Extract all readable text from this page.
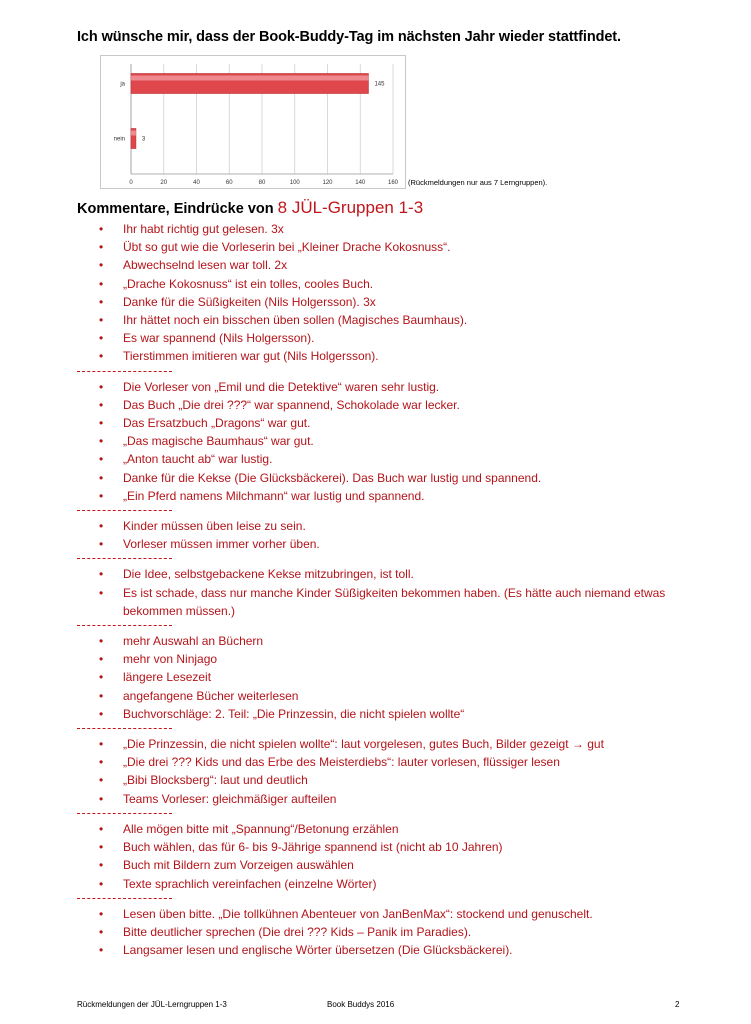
Ich wünsche mir, dass der Book-Buddy-Tag im nächsten Jahr wieder stattfindet.
0	20	40	60	80	100	120	140	160
ja	145
nein	3
(Rückmeldungen nur aus 7 Lerngruppen).
Kommentare, Eindrücke von 8 JÜL-Gruppen 1-3
• Ihr habt richtig gut gelesen. 3x
• Übt so gut wie die Vorleserin bei „Kleiner Drache Kokosnuss“.
• Abwechselnd lesen war toll. 2x
• „Drache Kokosnuss“ ist ein tolles, cooles Buch.
• Danke für die Süßigkeiten (Nils Holgersson). 3x
• Ihr hättet noch ein bisschen üben sollen (Magisches Baumhaus).
• Es war spannend (Nils Holgersson).
• Tierstimmen imitieren war gut (Nils Holgersson).
• Die Vorleser von „Emil und die Detektive“ waren sehr lustig.
• Das Buch „Die drei ???“ war spannend, Schokolade war lecker.
• Das Ersatzbuch „Dragons“ war gut.
• „Das magische Baumhaus“ war gut.
• „Anton taucht ab“ war lustig.
• Danke für die Kekse (Die Glücksbäckerei). Das Buch war lustig und spannend.
• „Ein Pferd namens Milchmann“ war lustig und spannend.
• Kinder müssen üben leise zu sein.
• Vorleser müssen immer vorher üben.
• Die Idee, selbstgebackene Kekse mitzubringen, ist toll.
• Es ist schade, dass nur manche Kinder Süßigkeiten bekommen haben. (Es hätte auch niemand etwas bekommen müssen.)
• mehr Auswahl an Büchern
• mehr von Ninjago
• längere Lesezeit
• angefangene Bücher weiterlesen
• Buchvorschläge: 2. Teil: „Die Prinzessin, die nicht spielen wollte“
• „Die Prinzessin, die nicht spielen wollte“: laut vorgelesen, gutes Buch, Bilder gezeigt → gut
• „Die drei ??? Kids und das Erbe des Meisterdiebs“: lauter vorlesen, flüssiger lesen
• „Bibi Blocksberg“: laut und deutlich
• Teams Vorleser: gleichmäßiger aufteilen
• Alle mögen bitte mit „Spannung“/Betonung erzählen
• Buch wählen, das für 6- bis 9-Jährige spannend ist (nicht ab 10 Jahren)
• Buch mit Bildern zum Vorzeigen auswählen
• Texte sprachlich vereinfachen (einzelne Wörter)
• Lesen üben bitte. „Die tollkühnen Abenteuer von JanBenMax“: stockend und genuschelt.
• Bitte deutlicher sprechen (Die drei ??? Kids – Panik im Paradies).
• Langsamer lesen und englische Wörter übersetzen (Die Glücksbäckerei).
Rückmeldungen der JÜL-Lerngruppen 1-3	Book Buddys 2016	2
